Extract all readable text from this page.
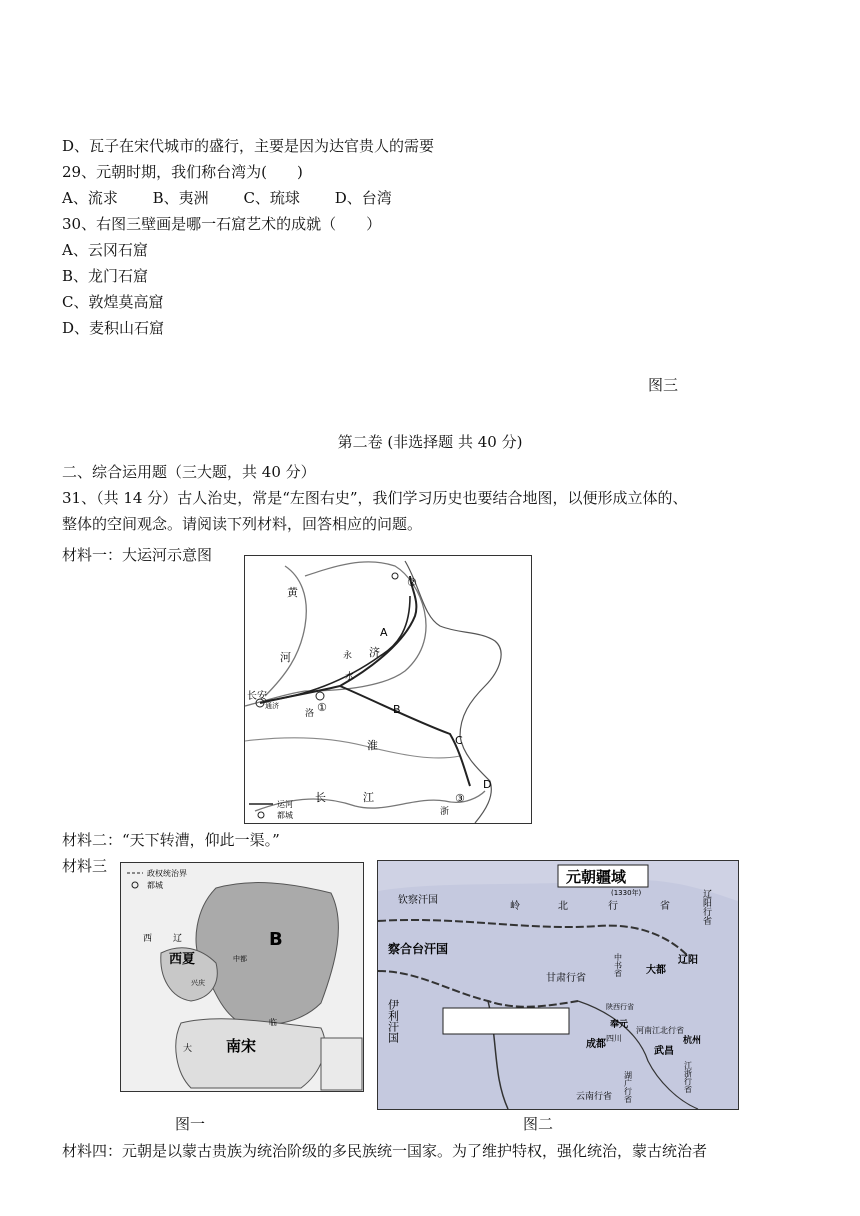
D、瓦子在宋代城市的盛行，主要是因为达官贵人的需要
29、元朝时期，我们称台湾为(　　)
A、流求 B、夷洲 C、琉球 D、台湾
30、右图三壁画是哪一石窟艺术的成就（　　）
A、云冈石窟
B、龙门石窟
C、敦煌莫高窟
D、麦积山石窟
图三
第二卷 (非选择题 共 40 分)
二、综合运用题（三大题，共 40 分）
31、（共 14 分）古人治史，常是“左图右史”，我们学习历史也要结合地图，以便形成立体的、
整体的空间观念。请阅读下列材料，回答相应的问题。
材料一：大运河示意图
黄
河
长安
A
B
C
D
①
②
③
永 济
水
洛
通济
淮
长	江
浙
运河
都城
材料二：“天下转漕，仰此一渠。”
材料三	政权统治界
都城
B
西夏
南宋
中都
西 辽
兴庆
临
大
元朝疆域
(1330年)
钦察汗国
察合台汗国
岭	北	行	省	辽阳行省
大都
辽阳
中书省
甘肃行省
伊利汗国	陕西行省
奉元
河南江北行省
成都
四川	杭州
武昌
云南行省 湖广行省	江浙行省
图一	图二
材料四：元朝是以蒙古贵族为统治阶级的多民族统一国家。为了维护特权，强化统治，蒙古统治者
